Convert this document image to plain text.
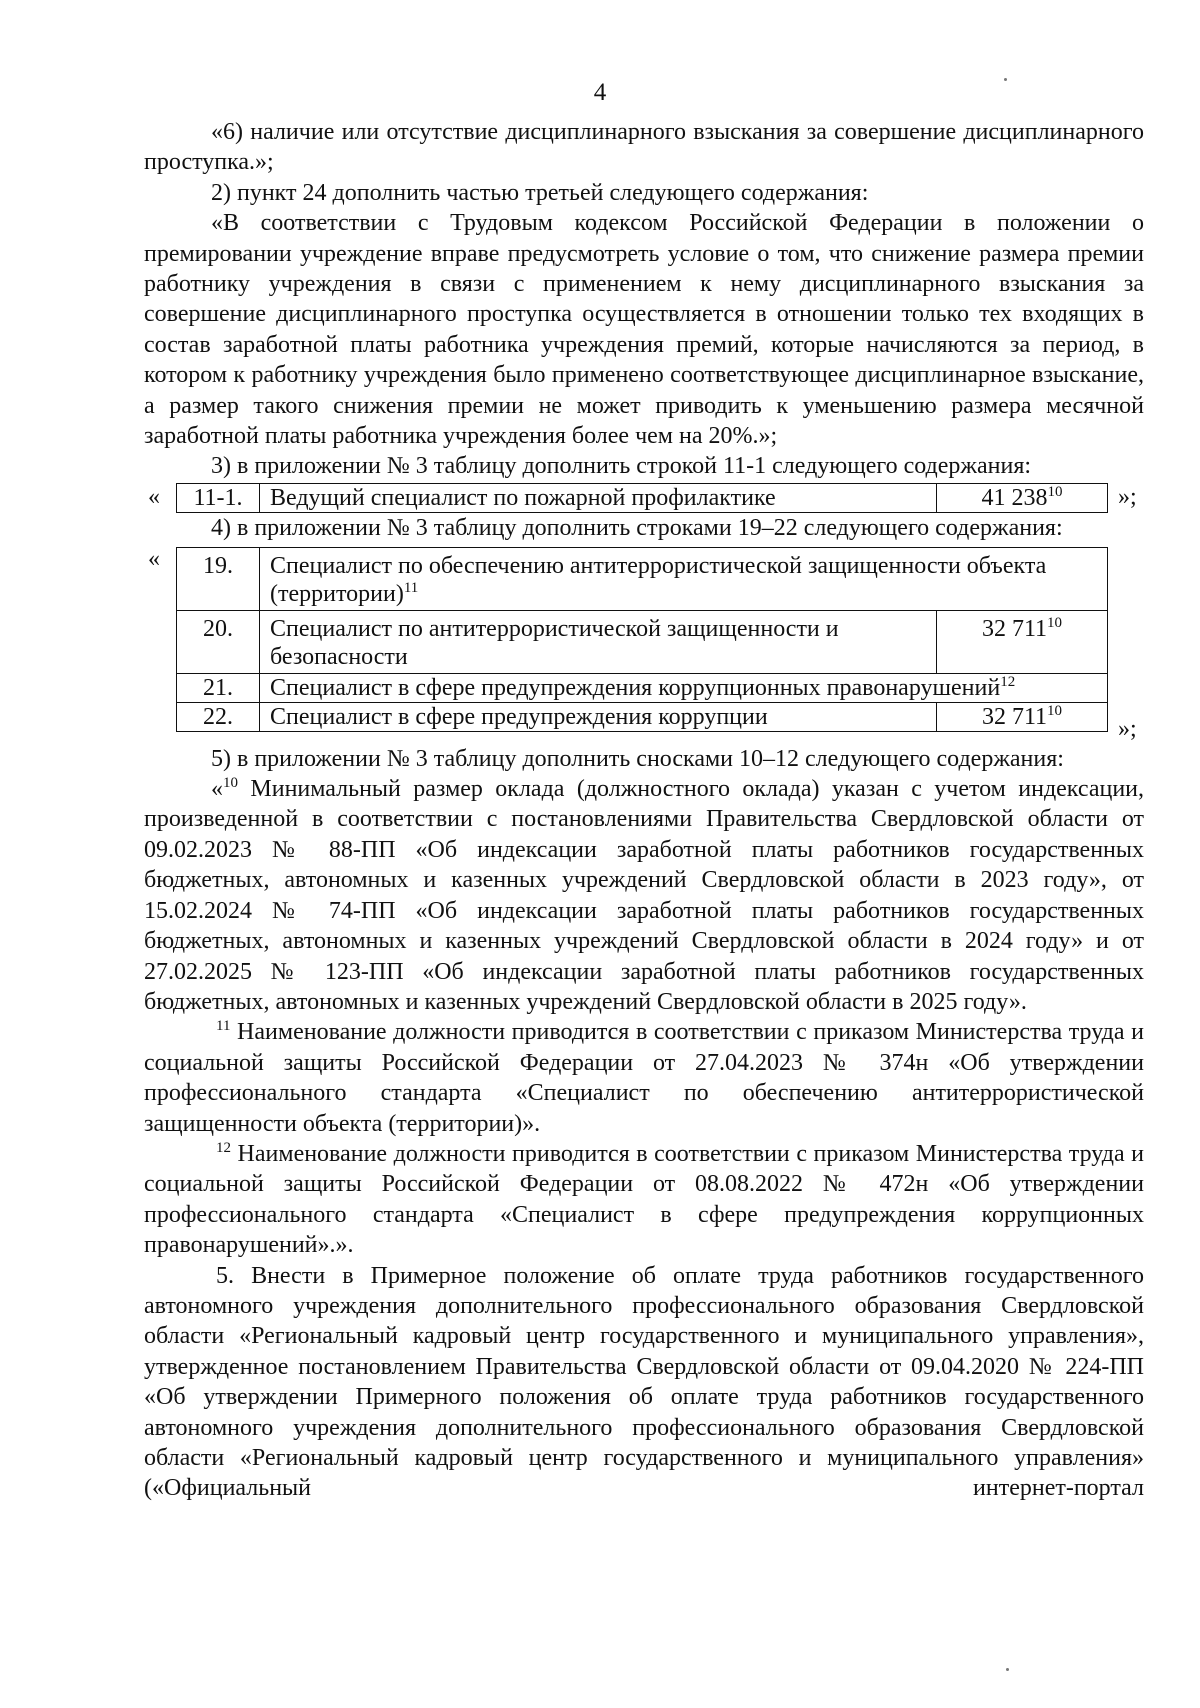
4

«6) наличие или отсутствие дисциплинарного взыскания за совершение дисциплинарного проступка.»;

2) пункт 24 дополнить частью третьей следующего содержания:

«В соответствии с Трудовым кодексом Российской Федерации в положении о премировании учреждение вправе предусмотреть условие о том, что снижение размера премии работнику учреждения в связи с применением к нему дисциплинарного взыскания за совершение дисциплинарного проступка осуществляется в отношении только тех входящих в состав заработной платы работника учреждения премий, которые начисляются за период, в котором к работнику учреждения было применено соответствующее дисциплинарное взыскание, а размер такого снижения премии не может приводить к уменьшению размера месячной заработной платы работника учреждения более чем на 20%.»;

3) в приложении № 3 таблицу дополнить строкой 11-1 следующего содержания:

« 11-1.	Ведущий специалист по пожарной профилактике	41 $238^{10}$ »;

4) в приложении № 3 таблицу дополнить строками 19–22 следующего содержания:

« 19.	Специалист по обеспечению антитеррористической защищенности объекта (территории)$^{11}$
20.	Специалист по антитеррористической защищенности и безопасности	32 $711^{10}$
21.	Специалист в сфере предупреждения коррупционных правонарушений$^{12}$
22.	Специалист в сфере предупреждения коррупции	32 $711^{10}$
»;

5) в приложении № 3 таблицу дополнить сносками 10–12 следующего содержания:

«$^{10}$ Минимальный размер оклада (должностного оклада) указан с учетом индексации, произведенной в соответствии с постановлениями Правительства Свердловской области от 09.02.2023 № 88-ПП «Об индексации заработной платы работников государственных бюджетных, автономных и казенных учреждений Свердловской области в 2023 году», от 15.02.2024 № 74-ПП «Об индексации заработной платы работников государственных бюджетных, автономных и казенных учреждений Свердловской области в 2024 году» и от 27.02.2025 № 123-ПП «Об индексации заработной платы работников государственных бюджетных, автономных и казенных учреждений Свердловской области в 2025 году».

$^{11}$ Наименование должности приводится в соответствии с приказом Министерства труда и социальной защиты Российской Федерации от 27.04.2023 № 374н «Об утверждении профессионального стандарта «Специалист по обеспечению антитеррористической защищенности объекта (территории)».

$^{12}$ Наименование должности приводится в соответствии с приказом Министерства труда и социальной защиты Российской Федерации от 08.08.2022 № 472н «Об утверждении профессионального стандарта «Специалист в сфере предупреждения коррупционных правонарушений».».

5. Внести в Примерное положение об оплате труда работников государственного автономного учреждения дополнительного профессионального образования Свердловской области «Региональный кадровый центр государственного и муниципального управления», утвержденное постановлением Правительства Свердловской области от 09.04.2020 № 224-ПП «Об утверждении Примерного положения об оплате труда работников государственного автономного учреждения дополнительного профессионального образования Свердловской области «Региональный кадровый центр государственного и муниципального управления» («Официальный интернет-портал
